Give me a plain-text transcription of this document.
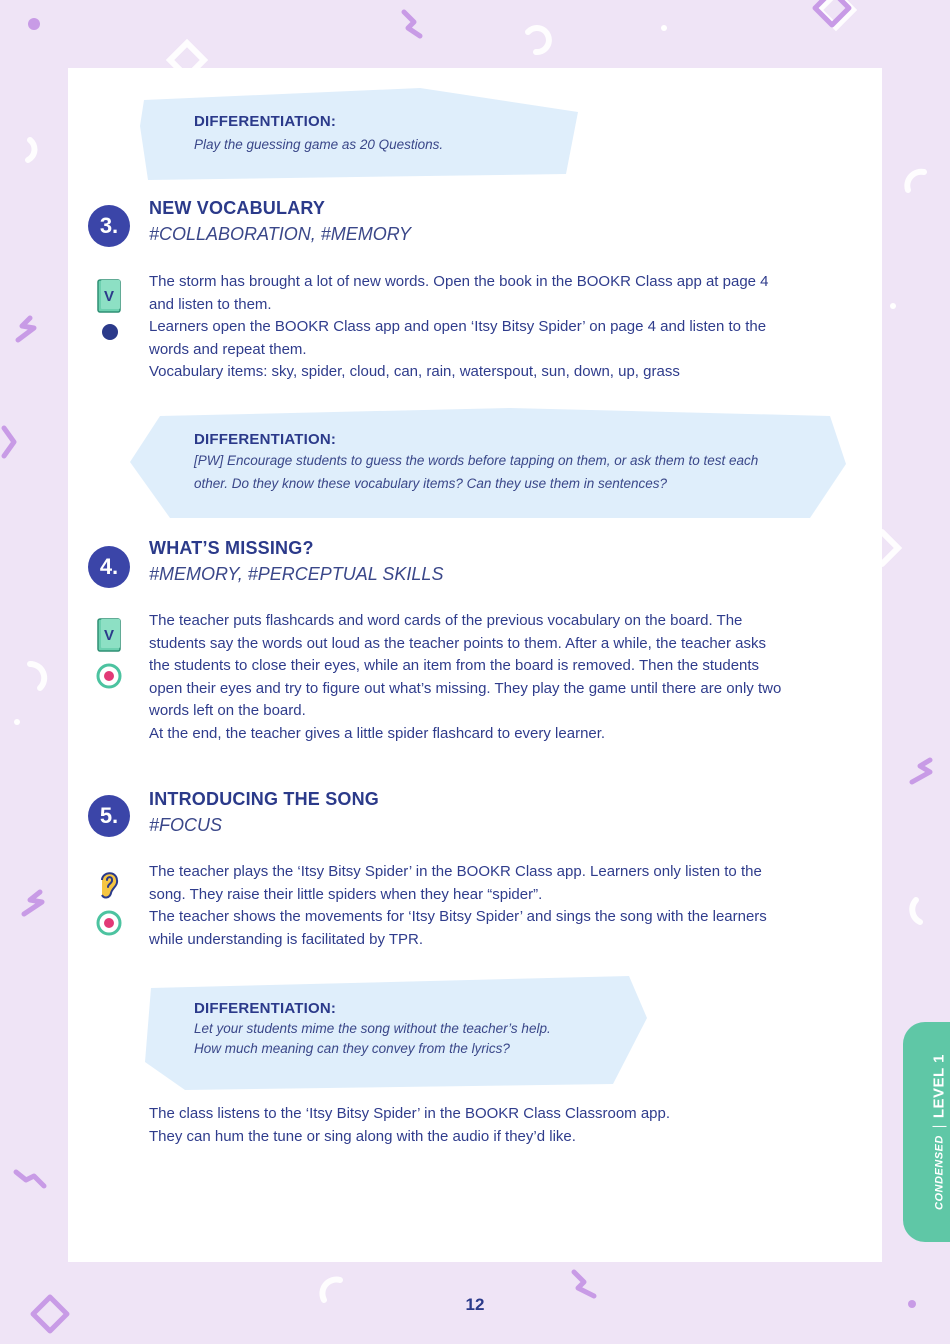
DIFFERENTIATION:
Play the guessing game as 20 Questions.
3.
NEW VOCABULARY
#COLLABORATION, #MEMORY
V

The storm has brought a lot of new words. Open the book in the BOOKR Class app at page 4

and listen to them.

Learners open the BOOKR Class app and open ‘Itsy Bitsy Spider’ on page 4 and listen to the

words and repeat them.

Vocabulary items: sky, spider, cloud, can, rain, waterspout, sun, down, up, grass

DIFFERENTIATION:
[PW] Encourage students to guess the words before tapping on them, or ask them to test each
other. Do they know these vocabulary items? Can they use them in sentences?
4.
WHAT’S MISSING?
#MEMORY, #PERCEPTUAL SKILLS
V

The teacher puts flashcards and word cards of the previous vocabulary on the board. The

students say the words out loud as the teacher points to them. After a while, the teacher asks

the students to close their eyes, while an item from the board is removed. Then the students

open their eyes and try to figure out what’s missing. They play the game until there are only two

words left on the board.

At the end, the teacher gives a little spider flashcard to every learner.

5.
INTRODUCING THE SONG
#FOCUS

The teacher plays the ‘Itsy Bitsy Spider’ in the BOOKR Class app. Learners only listen to the

song. They raise their little spiders when they hear “spider”.

The teacher shows the movements for ‘Itsy Bitsy Spider’ and sings the song with the learners

while understanding is facilitated by TPR.

DIFFERENTIATION:
Let your students mime the song without the teacher’s help.
How much meaning can they convey from the lyrics?

The class listens to the ‘Itsy Bitsy Spider’ in the BOOKR Class Classroom app.

They can hum the tune or sing along with the audio if they’d like.	CONDENSED
LEVEL 1
12
